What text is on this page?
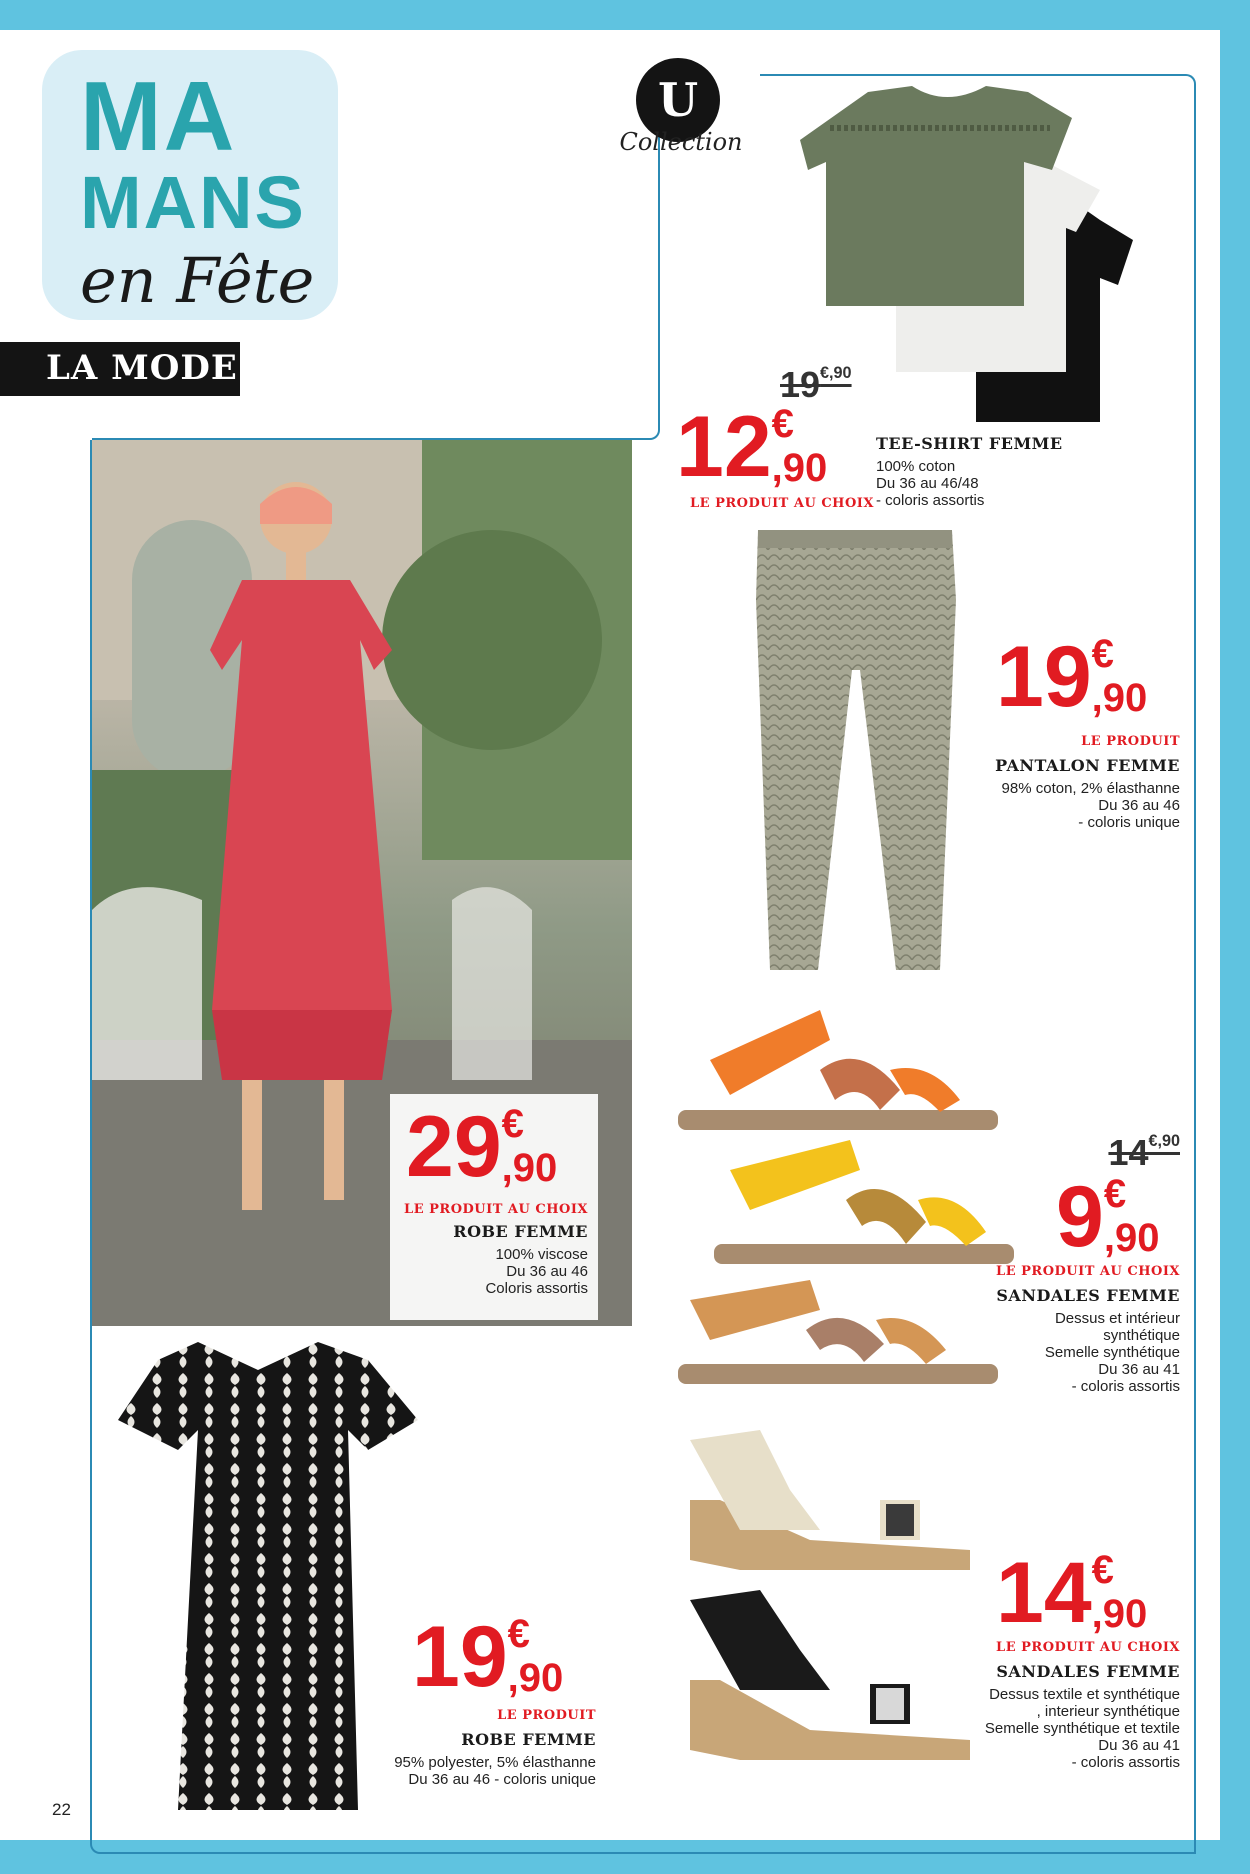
MA
MANS
en Fête
LA MODE
U
Collection
$19^{€,90}$
12 €
,90
LE PRODUIT AU CHOIX
TEE-SHIRT FEMME
100% coton
Du 36 au 46/48
- coloris assortis
19 €
,90
LE PRODUIT
PANTALON FEMME
98% coton, 2% élasthanne
Du 36 au 46
- coloris unique
29 €
,90
LE PRODUIT AU CHOIX
ROBE FEMME
100% viscose
Du 36 au 46
Coloris assortis
$14^{€,90}$
9 €
,90
LE PRODUIT AU CHOIX
SANDALES FEMME
Dessus et intérieur
synthétique
Semelle synthétique
Du 36 au 41
- coloris assortis
14 €
,90
LE PRODUIT AU CHOIX
SANDALES FEMME
Dessus textile et synthétique
, interieur synthétique
Semelle synthétique et textile
Du 36 au 41
- coloris assortis
19 €
,90
LE PRODUIT
ROBE FEMME
95% polyester, 5% élasthanne
Du 36 au 46 - coloris unique
22
